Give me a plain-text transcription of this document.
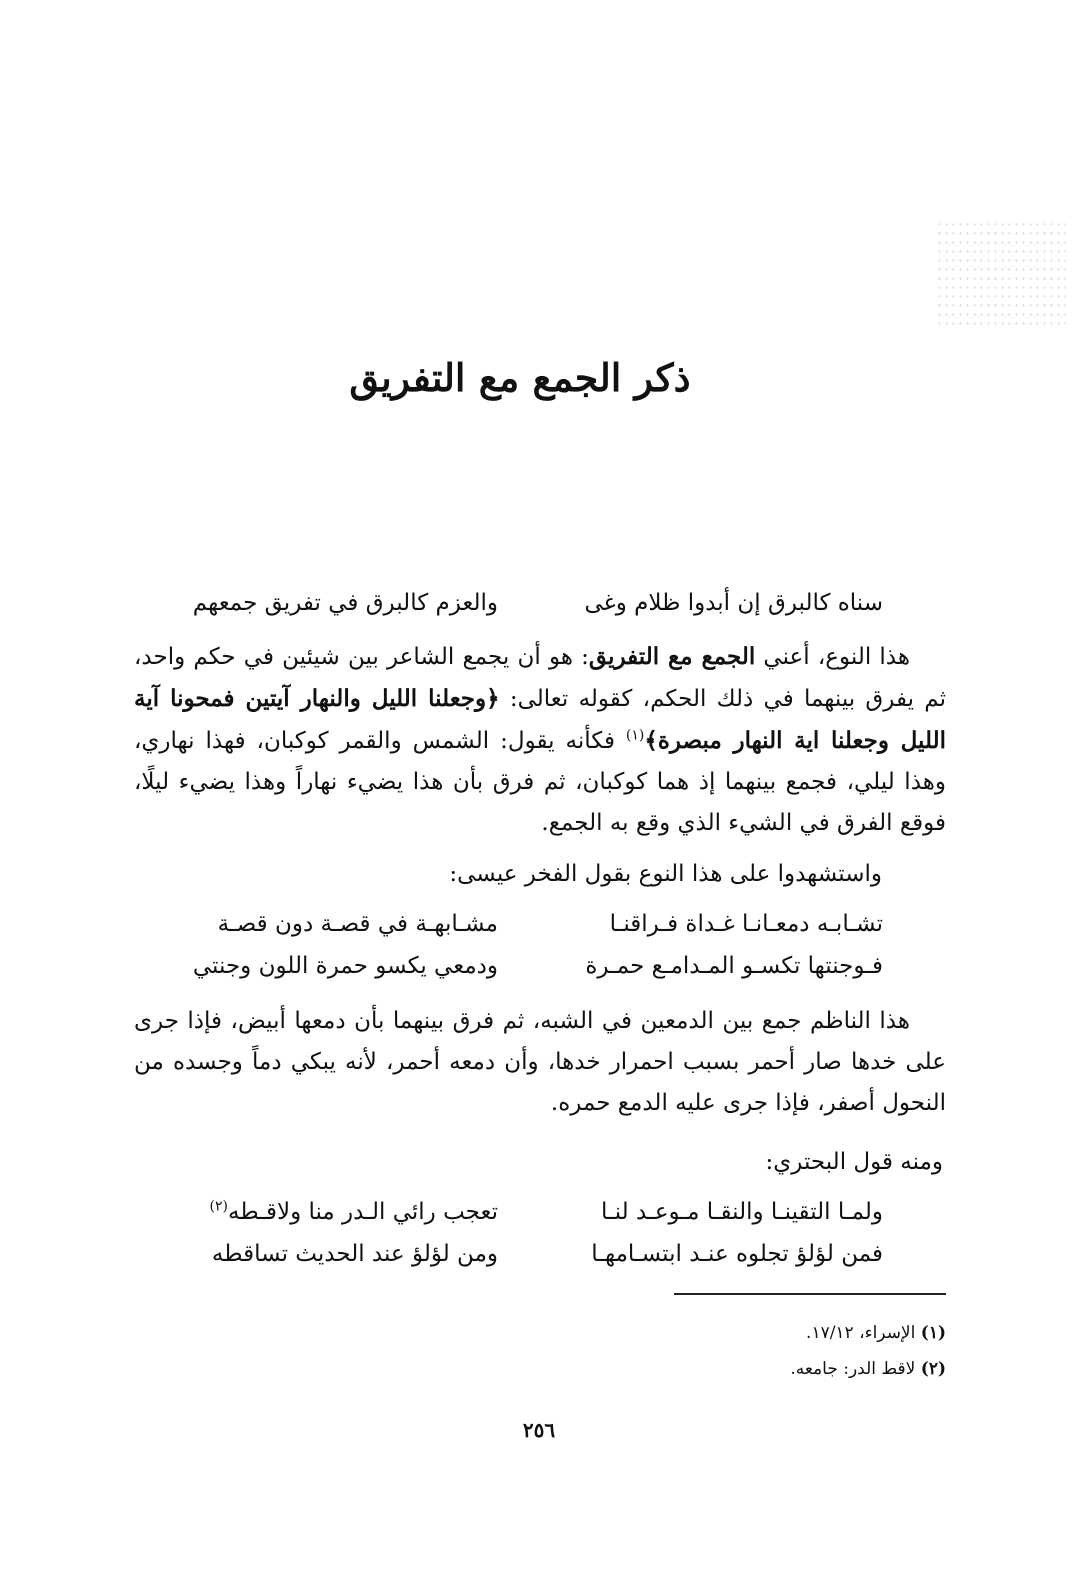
ذكر الجمع مع التفريق
سناه كالبرق إن أبدوا ظلام وغى
والعزم كالبرق في تفريق جمعهم

هذا النوع، أعني الجمع مع التفريق: هو أن يجمع الشاعر بين شيئين في حكم واحد، ثم يفرق بينهما في ذلك الحكم، كقوله تعالى: ﴿وجعلنا الليل والنهار آيتين فمحونا آية الليل وجعلنا اية النهار مبصرة﴾$^{(١)}$ فكأنه يقول: الشمس والقمر كوكبان، فهذا نهاري، وهذا ليلي، فجمع بينهما إذ هما كوكبان، ثم فرق بأن هذا يضيء نهاراً وهذا يضيء ليلًا، فوقع الفرق في الشيء الذي وقع به الجمع.

واستشهدوا على هذا النوع بقول الفخر عيسى:
تشـابـه دمعـانـا غـداة فـراقنـا
مشـابهـة في قصـة دون قصـة
فـوجنتها تكسـو المـدامـع حمـرة
ودمعي يكسو حمرة اللون وجنتي

هذا الناظم جمع بين الدمعين في الشبه، ثم فرق بينهما بأن دمعها أبيض، فإذا جرى على خدها صار أحمر بسبب احمرار خدها، وأن دمعه أحمر، لأنه يبكي دماً وجسده من النحول أصفر، فإذا جرى عليه الدمع حمره.

ومنه قول البحتري:
ولمـا التقينـا والنقـا مـوعـد لنـا
تعجب رائي الـدر منا ولاقـطه$^{(٢)}$
فمن لؤلؤ تجلوه عنـد ابتسـامهـا
ومن لؤلؤ عند الحديث تساقطه
(١) الإسراء، ١٧/١٢.
(٢) لاقط الدر: جامعه.
٢٥٦
